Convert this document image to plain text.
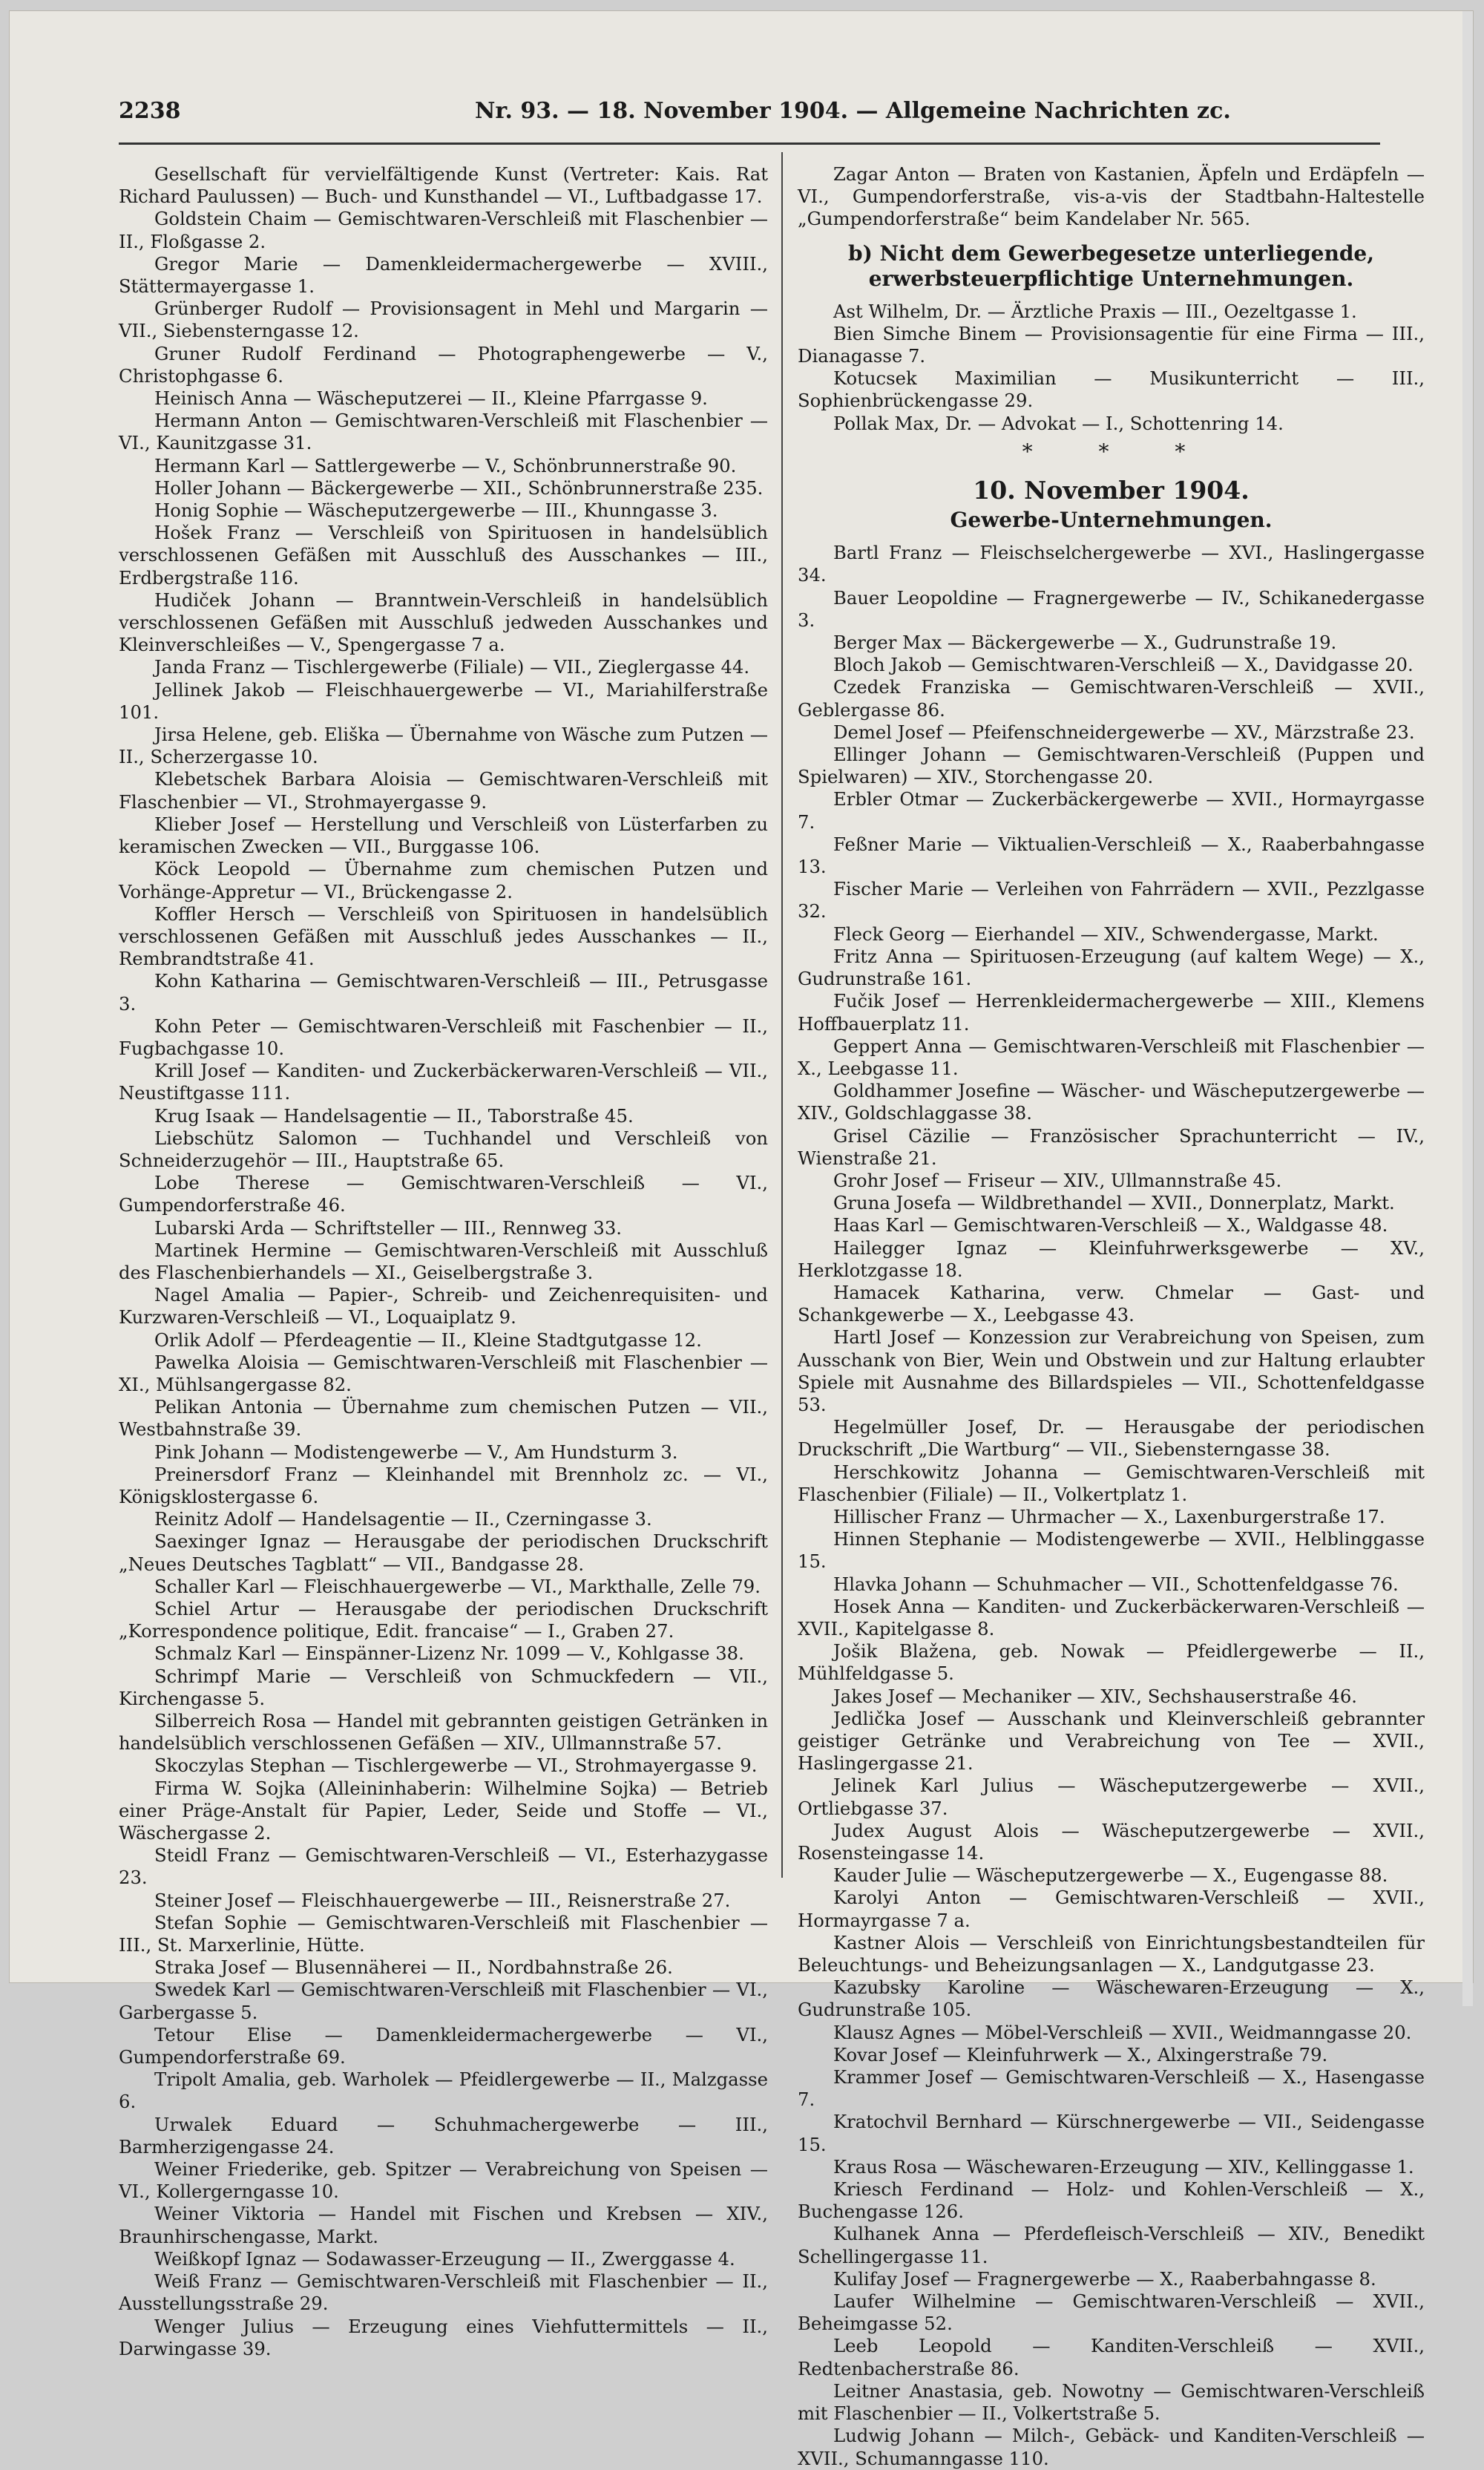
2238	Nr. 93. — 18. November 1904. — Allgemeine Nachrichten zc.
Gesellschaft für vervielfältigende Kunst (Vertreter: Kais. Rat Richard Paulussen) — Buch- und Kunsthandel — VI., Luftbadgasse 17.
Goldstein Chaim — Gemischtwaren-Verschleiß mit Flaschenbier — II., Floßgasse 2.
Gregor Marie — Damenkleidermachergewerbe — XVIII., Stättermayergasse 1.
Grünberger Rudolf — Provisionsagent in Mehl und Margarin — VII., Siebensterngasse 12.
Gruner Rudolf Ferdinand — Photographengewerbe — V., Christophgasse 6.
Heinisch Anna — Wäscheputzerei — II., Kleine Pfarrgasse 9.
Hermann Anton — Gemischtwaren-Verschleiß mit Flaschenbier — VI., Kaunitzgasse 31.
Hermann Karl — Sattlergewerbe — V., Schönbrunnerstraße 90.
Holler Johann — Bäckergewerbe — XII., Schönbrunnerstraße 235.
Honig Sophie — Wäscheputzergewerbe — III., Khunngasse 3.
Hošek Franz — Verschleiß von Spirituosen in handelsüblich verschlossenen Gefäßen mit Ausschluß des Ausschankes — III., Erdbergstraße 116.
Hudiček Johann — Branntwein-Verschleiß in handelsüblich verschlossenen Gefäßen mit Ausschluß jedweden Ausschankes und Kleinverschleißes — V., Spengergasse 7 a.
Janda Franz — Tischlergewerbe (Filiale) — VII., Zieglergasse 44.
Jellinek Jakob — Fleischhauergewerbe — VI., Mariahilferstraße 101.
Jirsa Helene, geb. Eliška — Übernahme von Wäsche zum Putzen — II., Scherzergasse 10.
Klebetschek Barbara Aloisia — Gemischtwaren-Verschleiß mit Flaschenbier — VI., Strohmayergasse 9.
Klieber Josef — Herstellung und Verschleiß von Lüsterfarben zu keramischen Zwecken — VII., Burggasse 106.
Köck Leopold — Übernahme zum chemischen Putzen und Vorhänge-Appretur — VI., Brückengasse 2.
Koffler Hersch — Verschleiß von Spirituosen in handelsüblich verschlossenen Gefäßen mit Ausschluß jedes Ausschankes — II., Rembrandtstraße 41.
Kohn Katharina — Gemischtwaren-Verschleiß — III., Petrusgasse 3.
Kohn Peter — Gemischtwaren-Verschleiß mit Faschenbier — II., Fugbachgasse 10.
Krill Josef — Kanditen- und Zuckerbäckerwaren-Verschleiß — VII., Neustiftgasse 111.
Krug Isaak — Handelsagentie — II., Taborstraße 45.
Liebschütz Salomon — Tuchhandel und Verschleiß von Schneiderzugehör — III., Hauptstraße 65.
Lobe Therese — Gemischtwaren-Verschleiß — VI., Gumpendorferstraße 46.
Lubarski Arda — Schriftsteller — III., Rennweg 33.
Martinek Hermine — Gemischtwaren-Verschleiß mit Ausschluß des Flaschenbierhandels — XI., Geiselbergstraße 3.
Nagel Amalia — Papier-, Schreib- und Zeichenrequisiten- und Kurzwaren-Verschleiß — VI., Loquaiplatz 9.
Orlik Adolf — Pferdeagentie — II., Kleine Stadtgutgasse 12.
Pawelka Aloisia — Gemischtwaren-Verschleiß mit Flaschenbier — XI., Mühlsangergasse 82.
Pelikan Antonia — Übernahme zum chemischen Putzen — VII., Westbahnstraße 39.
Pink Johann — Modistengewerbe — V., Am Hundsturm 3.
Preinersdorf Franz — Kleinhandel mit Brennholz zc. — VI., Königsklostergasse 6.
Reinitz Adolf — Handelsagentie — II., Czerningasse 3.
Saexinger Ignaz — Herausgabe der periodischen Druckschrift „Neues Deutsches Tagblatt“ — VII., Bandgasse 28.
Schaller Karl — Fleischhauergewerbe — VI., Markthalle, Zelle 79.
Schiel Artur — Herausgabe der periodischen Druckschrift „Korrespondence politique, Edit. francaise“ — I., Graben 27.
Schmalz Karl — Einspänner-Lizenz Nr. 1099 — V., Kohlgasse 38.
Schrimpf Marie — Verschleiß von Schmuckfedern — VII., Kirchengasse 5.
Silberreich Rosa — Handel mit gebrannten geistigen Getränken in handelsüblich verschlossenen Gefäßen — XIV., Ullmannstraße 57.
Skoczylas Stephan — Tischlergewerbe — VI., Strohmayergasse 9.
Firma W. Sojka (Alleininhaberin: Wilhelmine Sojka) — Betrieb einer Präge-Anstalt für Papier, Leder, Seide und Stoffe — VI., Wäschergasse 2.
Steidl Franz — Gemischtwaren-Verschleiß — VI., Esterhazygasse 23.
Steiner Josef — Fleischhauergewerbe — III., Reisnerstraße 27.
Stefan Sophie — Gemischtwaren-Verschleiß mit Flaschenbier — III., St. Marxerlinie, Hütte.
Straka Josef — Blusennäherei — II., Nordbahnstraße 26.
Swedek Karl — Gemischtwaren-Verschleiß mit Flaschenbier — VI., Garbergasse 5.
Tetour Elise — Damenkleidermachergewerbe — VI., Gumpendorferstraße 69.
Tripolt Amalia, geb. Warholek — Pfeidlergewerbe — II., Malzgasse 6.
Urwalek Eduard — Schuhmachergewerbe — III., Barmherzigengasse 24.
Weiner Friederike, geb. Spitzer — Verabreichung von Speisen — VI., Kollergerngasse 10.
Weiner Viktoria — Handel mit Fischen und Krebsen — XIV., Braunhirschengasse, Markt.
Weißkopf Ignaz — Sodawasser-Erzeugung — II., Zwerggasse 4.
Weiß Franz — Gemischtwaren-Verschleiß mit Flaschenbier — II., Ausstellungsstraße 29.
Wenger Julius — Erzeugung eines Viehfuttermittels — II., Darwingasse 39.
Zagar Anton — Braten von Kastanien, Äpfeln und Erdäpfeln — VI., Gumpendorferstraße, vis-a-vis der Stadtbahn-Haltestelle „Gumpendorferstraße“ beim Kandelaber Nr. 565.
b) Nicht dem Gewerbegesetze unterliegende, erwerbsteuerpflichtige Unternehmungen.
Ast Wilhelm, Dr. — Ärztliche Praxis — III., Oezeltgasse 1.
Bien Simche Binem — Provisionsagentie für eine Firma — III., Dianagasse 7.
Kotucsek Maximilian — Musikunterricht — III., Sophienbrückengasse 29.
Pollak Max, Dr. — Advokat — I., Schottenring 14.
* * *
10. November 1904.
Gewerbe-Unternehmungen.
Bartl Franz — Fleischselchergewerbe — XVI., Haslingergasse 34.
Bauer Leopoldine — Fragnergewerbe — IV., Schikanedergasse 3.
Berger Max — Bäckergewerbe — X., Gudrunstraße 19.
Bloch Jakob — Gemischtwaren-Verschleiß — X., Davidgasse 20.
Czedek Franziska — Gemischtwaren-Verschleiß — XVII., Geblergasse 86.
Demel Josef — Pfeifenschneidergewerbe — XV., Märzstraße 23.
Ellinger Johann — Gemischtwaren-Verschleiß (Puppen und Spielwaren) — XIV., Storchengasse 20.
Erbler Otmar — Zuckerbäckergewerbe — XVII., Hormayrgasse 7.
Feßner Marie — Viktualien-Verschleiß — X., Raaberbahngasse 13.
Fischer Marie — Verleihen von Fahrrädern — XVII., Pezzlgasse 32.
Fleck Georg — Eierhandel — XIV., Schwendergasse, Markt.
Fritz Anna — Spirituosen-Erzeugung (auf kaltem Wege) — X., Gudrunstraße 161.
Fučik Josef — Herrenkleidermachergewerbe — XIII., Klemens Hoffbauerplatz 11.
Geppert Anna — Gemischtwaren-Verschleiß mit Flaschenbier — X., Leebgasse 11.
Goldhammer Josefine — Wäscher- und Wäscheputzergewerbe — XIV., Goldschlaggasse 38.
Grisel Cäzilie — Französischer Sprachunterricht — IV., Wienstraße 21.
Grohr Josef — Friseur — XIV., Ullmannstraße 45.
Gruna Josefa — Wildbrethandel — XVII., Donnerplatz, Markt.
Haas Karl — Gemischtwaren-Verschleiß — X., Waldgasse 48.
Hailegger Ignaz — Kleinfuhrwerksgewerbe — XV., Herklotzgasse 18.
Hamacek Katharina, verw. Chmelar — Gast- und Schankgewerbe — X., Leebgasse 43.
Hartl Josef — Konzession zur Verabreichung von Speisen, zum Ausschank von Bier, Wein und Obstwein und zur Haltung erlaubter Spiele mit Ausnahme des Billardspieles — VII., Schottenfeldgasse 53.
Hegelmüller Josef, Dr. — Herausgabe der periodischen Druckschrift „Die Wartburg“ — VII., Siebensterngasse 38.
Herschkowitz Johanna — Gemischtwaren-Verschleiß mit Flaschenbier (Filiale) — II., Volkertplatz 1.
Hillischer Franz — Uhrmacher — X., Laxenburgerstraße 17.
Hinnen Stephanie — Modistengewerbe — XVII., Helblinggasse 15.
Hlavka Johann — Schuhmacher — VII., Schottenfeldgasse 76.
Hosek Anna — Kanditen- und Zuckerbäckerwaren-Verschleiß — XVII., Kapitelgasse 8.
Jošik Blažena, geb. Nowak — Pfeidlergewerbe — II., Mühlfeldgasse 5.
Jakes Josef — Mechaniker — XIV., Sechshauserstraße 46.
Jedlička Josef — Ausschank und Kleinverschleiß gebrannter geistiger Getränke und Verabreichung von Tee — XVII., Haslingergasse 21.
Jelinek Karl Julius — Wäscheputzergewerbe — XVII., Ortliebgasse 37.
Judex August Alois — Wäscheputzergewerbe — XVII., Rosensteingasse 14.
Kauder Julie — Wäscheputzergewerbe — X., Eugengasse 88.
Karolyi Anton — Gemischtwaren-Verschleiß — XVII., Hormayrgasse 7 a.
Kastner Alois — Verschleiß von Einrichtungsbestandteilen für Beleuchtungs- und Beheizungsanlagen — X., Landgutgasse 23.
Kazubsky Karoline — Wäschewaren-Erzeugung — X., Gudrunstraße 105.
Klausz Agnes — Möbel-Verschleiß — XVII., Weidmanngasse 20.
Kovar Josef — Kleinfuhrwerk — X., Alxingerstraße 79.
Krammer Josef — Gemischtwaren-Verschleiß — X., Hasengasse 7.
Kratochvil Bernhard — Kürschnergewerbe — VII., Seidengasse 15.
Kraus Rosa — Wäschewaren-Erzeugung — XIV., Kellinggasse 1.
Kriesch Ferdinand — Holz- und Kohlen-Verschleiß — X., Buchengasse 126.
Kulhanek Anna — Pferdefleisch-Verschleiß — XIV., Benedikt Schellingergasse 11.
Kulifay Josef — Fragnergewerbe — X., Raaberbahngasse 8.
Laufer Wilhelmine — Gemischtwaren-Verschleiß — XVII., Beheimgasse 52.
Leeb Leopold — Kanditen-Verschleiß — XVII., Redtenbacherstraße 86.
Leitner Anastasia, geb. Nowotny — Gemischtwaren-Verschleiß mit Flaschenbier — II., Volkertstraße 5.
Ludwig Johann — Milch-, Gebäck- und Kanditen-Verschleiß — XVII., Schumanngasse 110.
